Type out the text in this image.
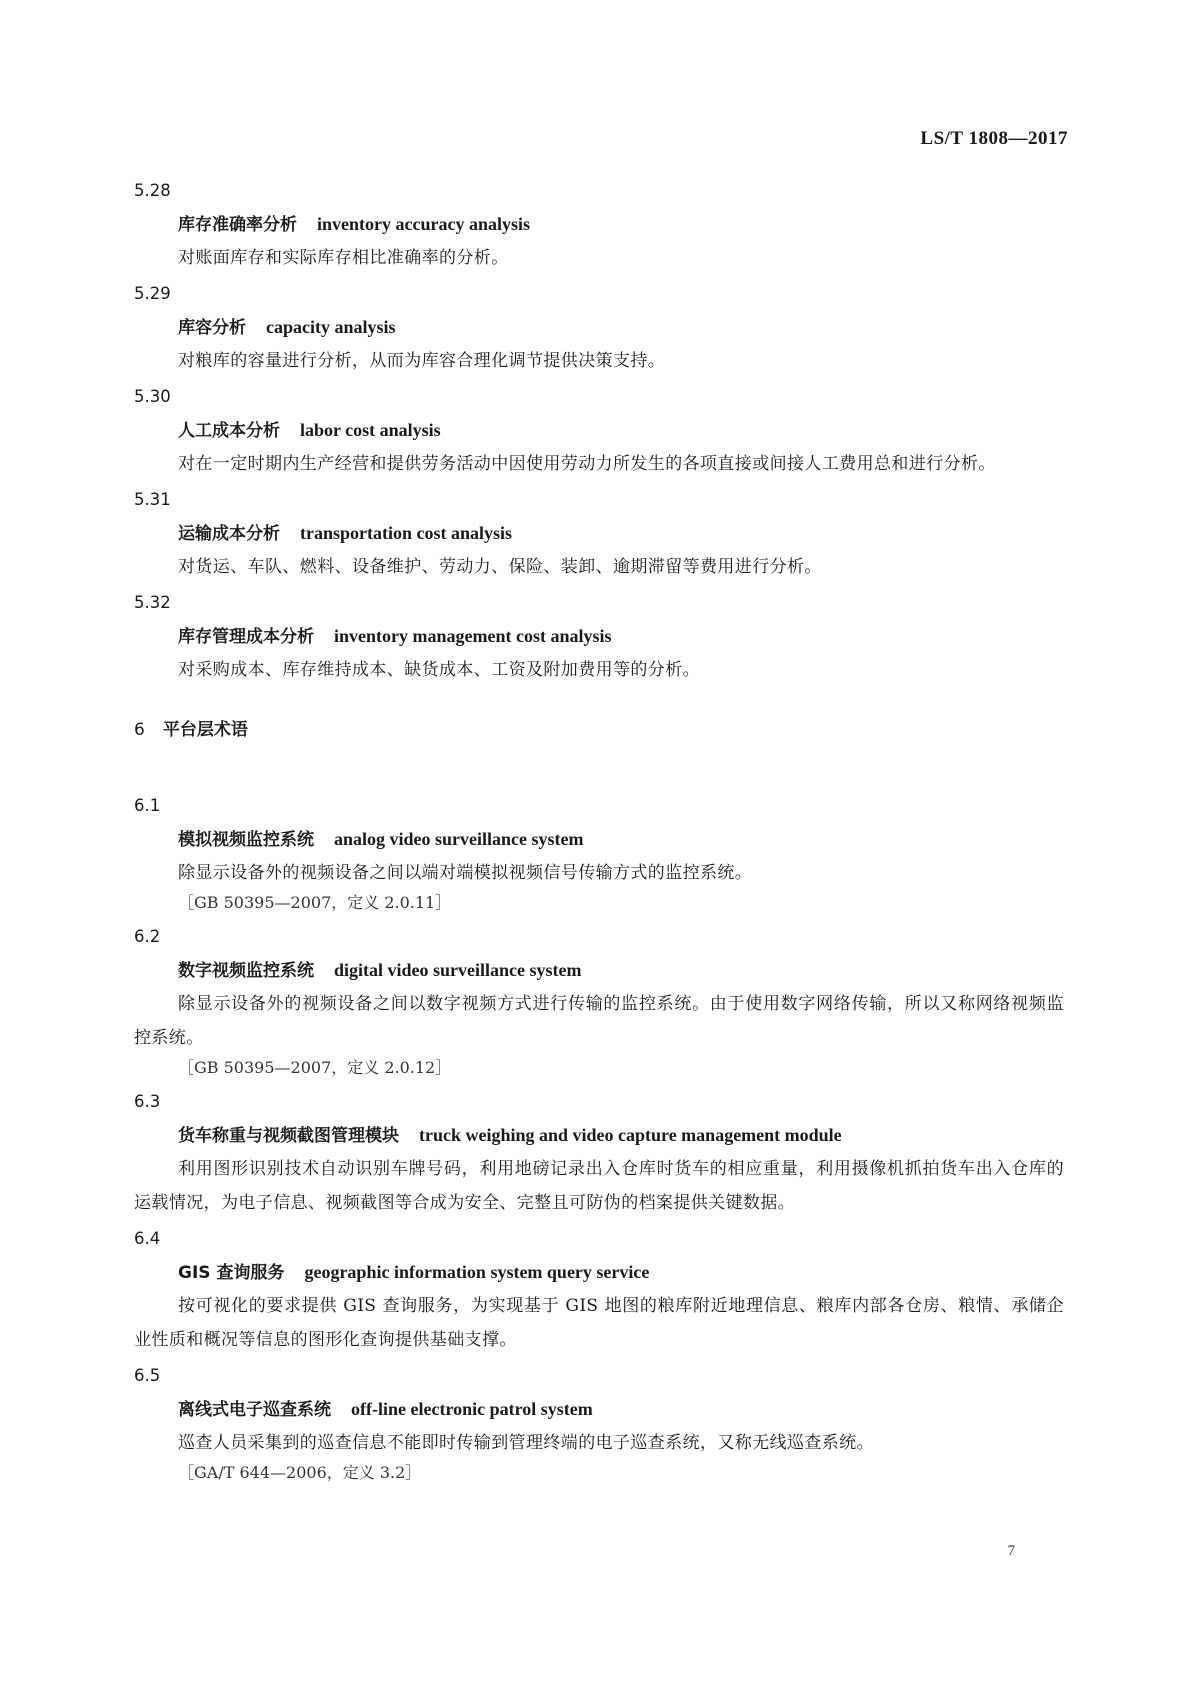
LS/T 1808—2017
5.28
库存准确率分析 inventory accuracy analysis
对账面库存和实际库存相比准确率的分析。
5.29
库容分析 capacity analysis
对粮库的容量进行分析，从而为库容合理化调节提供决策支持。
5.30
人工成本分析 labor cost analysis
对在一定时期内生产经营和提供劳务活动中因使用劳动力所发生的各项直接或间接人工费用总和进行分析。
5.31
运输成本分析 transportation cost analysis
对货运、车队、燃料、设备维护、劳动力、保险、装卸、逾期滞留等费用进行分析。
5.32
库存管理成本分析 inventory management cost analysis
对采购成本、库存维持成本、缺货成本、工资及附加费用等的分析。
6 平台层术语
6.1
模拟视频监控系统 analog video surveillance system
除显示设备外的视频设备之间以端对端模拟视频信号传输方式的监控系统。
［GB 50395—2007，定义 2.0.11］
6.2
数字视频监控系统 digital video surveillance system
除显示设备外的视频设备之间以数字视频方式进行传输的监控系统。由于使用数字网络传输，所以又称网络视频监控系统。
［GB 50395—2007，定义 2.0.12］
6.3
货车称重与视频截图管理模块 truck weighing and video capture management module
利用图形识别技术自动识别车牌号码，利用地磅记录出入仓库时货车的相应重量，利用摄像机抓拍货车出入仓库的运载情况，为电子信息、视频截图等合成为安全、完整且可防伪的档案提供关键数据。
6.4
GIS 查询服务 geographic information system query service
按可视化的要求提供 GIS 查询服务，为实现基于 GIS 地图的粮库附近地理信息、粮库内部各仓房、粮情、承储企业性质和概况等信息的图形化查询提供基础支撑。
6.5
离线式电子巡查系统 off-line electronic patrol system
巡查人员采集到的巡查信息不能即时传输到管理终端的电子巡查系统，又称无线巡查系统。
［GA/T 644—2006，定义 3.2］
7
